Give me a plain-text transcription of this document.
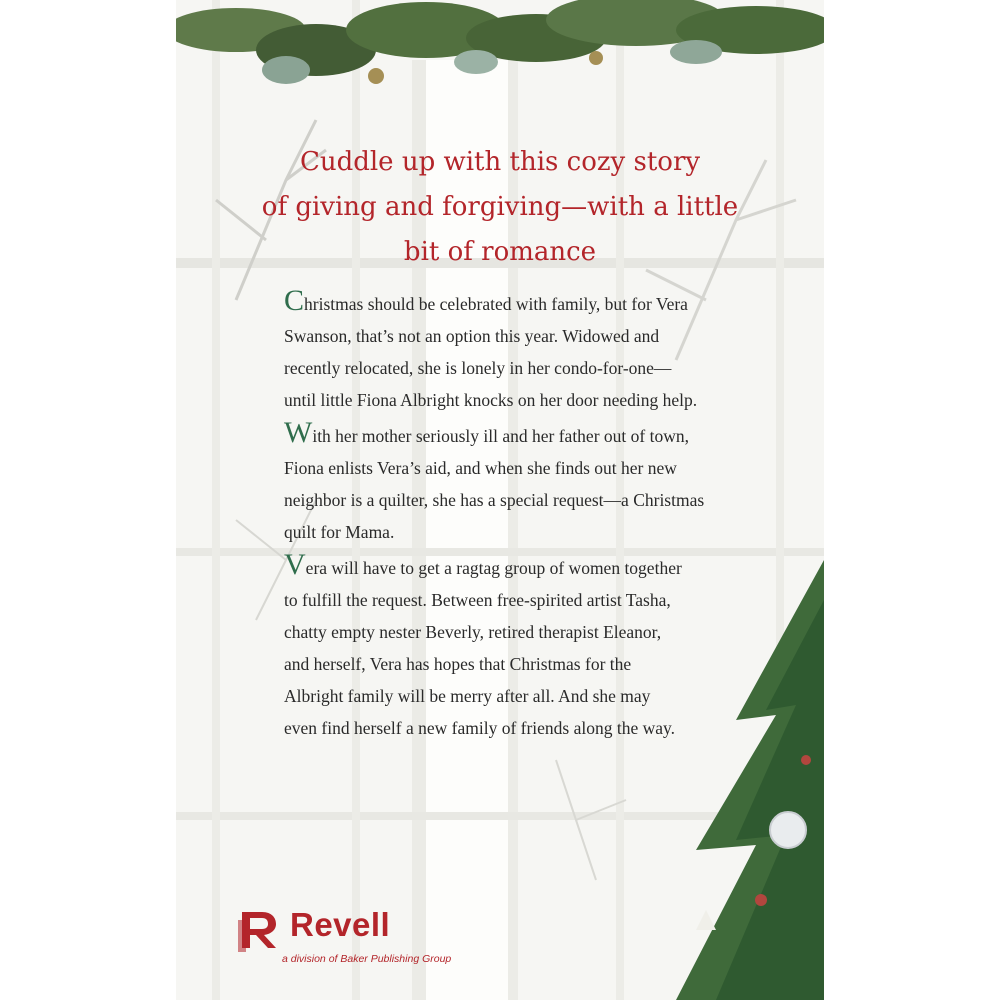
Cuddle up with this cozy story
of giving and forgiving—with a little
bit of romance
Christmas should be celebrated with family, but for Vera
Swanson, that’s not an option this year. Widowed and
recently relocated, she is lonely in her condo-for-one—
until little Fiona Albright knocks on her door needing help.
With her mother seriously ill and her father out of town,
Fiona enlists Vera’s aid, and when she finds out her new
neighbor is a quilter, she has a special request—a Christmas
quilt for Mama.
Vera will have to get a ragtag group of women together
to fulfill the request. Between free-spirited artist Tasha,
chatty empty nester Beverly, retired therapist Eleanor,
and herself, Vera has hopes that Christmas for the
Albright family will be merry after all. And she may
even find herself a new family of friends along the way.
Revell
a division of Baker Publishing Group
